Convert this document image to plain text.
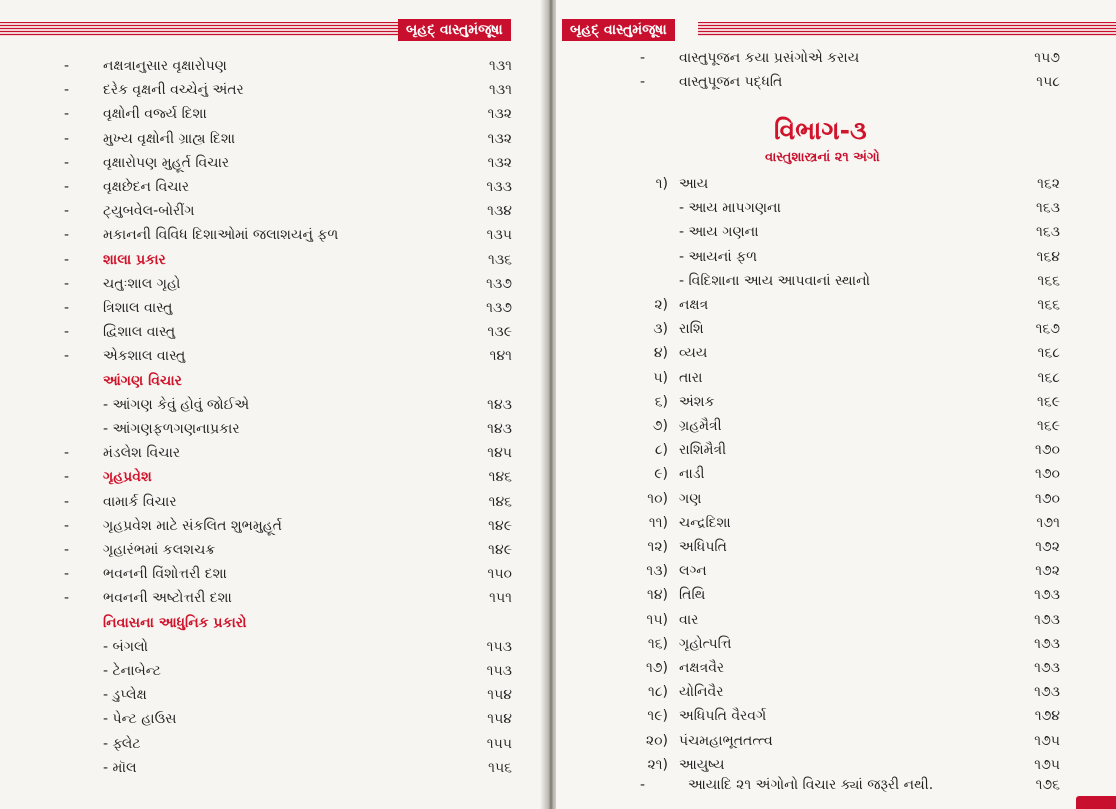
બૃહદ્ વાસ્તુમંજૂષા
- નક્ષત્રાનુસાર વૃક્ષારોપણ	૧૩૧
- દરેક વૃક્ષની વચ્ચેનું અંતર	૧૩૧
- વૃક્ષોની વર્જ્ય દિશા	૧૩૨
- મુખ્ય વૃક્ષોની ગ્રાહ્ય દિશા	૧૩૨
- વૃક્ષારોપણ મુહૂર્ત વિચાર	૧૩૨
- વૃક્ષછેદન વિચાર	૧૩૩
- ટ્યુબવેલ-બોરીંગ	૧૩૪
- મકાનની વિવિધ દિશાઓમાં જલાશયનું ફળ	૧૩૫
- શાલા પ્રકાર	૧૩૬
- ચતુઃશાલ ગૃહો	૧૩૭
- ત્રિશાલ વાસ્તુ	૧૩૭
- દ્વિશાલ વાસ્તુ	૧૩૯
- એકશાલ વાસ્તુ	૧૪૧
આંગણ વિચાર
- આંગણ કેવું હોવું જોઈએ	૧૪૩
- આંગણફળગણનાપ્રકાર	૧૪૩
- મંડલેશ વિચાર	૧૪૫
- ગૃહપ્રવેશ	૧૪૬
- વામાર્ક વિચાર	૧૪૬
- ગૃહપ્રવેશ માટે સંકલિત શુભમુહૂર્ત	૧૪૯
- ગૃહારંભમાં કલશચક્ર	૧૪૯
- ભવનની વિંશોત્તરી દશા	૧૫૦
- ભવનની અષ્ટોત્તરી દશા	૧૫૧
નિવાસના આધુનિક પ્રકારો
- બંગલો	૧૫૩
- ટેનાબેન્ટ	૧૫૩
- ડુપ્લેક્ષ	૧૫૪
- પેન્ટ હાઉસ	૧૫૪
- ફ્લેટ	૧૫૫
- મૉલ	૧૫૬
બૃહદ્ વાસ્તુમંજૂષા
- વાસ્તુપૂજન કયા પ્રસંગોએ કરાય	૧૫૭
- વાસ્તુપૂજન પદ્ધતિ	૧૫૮
૧) આય	૧૬૨
- આય માપગણના	૧૬૩
- આય ગણના	૧૬૩
- આયનાં ફળ	૧૬૪
- વિદિશાના આય આપવાનાં સ્થાનો	૧૬૬
૨) નક્ષત્ર	૧૬૬
૩) રાશિ	૧૬૭
૪) વ્યય	૧૬૮
૫) તારા	૧૬૮
૬) અંશક	૧૬૯
૭) ગ્રહમૈત્રી	૧૬૯
૮) રાશિમૈત્રી	૧૭૦
૯) નાડી	૧૭૦
૧૦) ગણ	૧૭૦
૧૧) ચન્દ્રદિશા	૧૭૧
૧૨) અધિપતિ	૧૭૨
૧૩) લગ્ન	૧૭૨
૧૪) તિથિ	૧૭૩
૧૫) વાર	૧૭૩
૧૬) ગૃહોત્પત્તિ	૧૭૩
૧૭) નક્ષત્રવૈર	૧૭૩
૧૮) યોનિવૈર	૧૭૩
૧૯) અધિપતિ વૈરવર્ગ	૧૭૪
૨૦) પંચમહાભૂતતત્ત્વ	૧૭૫
૨૧) આયુષ્ય	૧૭૫
-	આયાદિ ૨૧ અંગોનો વિચાર ક્યાં જરૂરી નથી.	૧૭૬
વિભાગ-૩
વાસ્તુશાસ્ત્રનાં ૨૧ અંગો
